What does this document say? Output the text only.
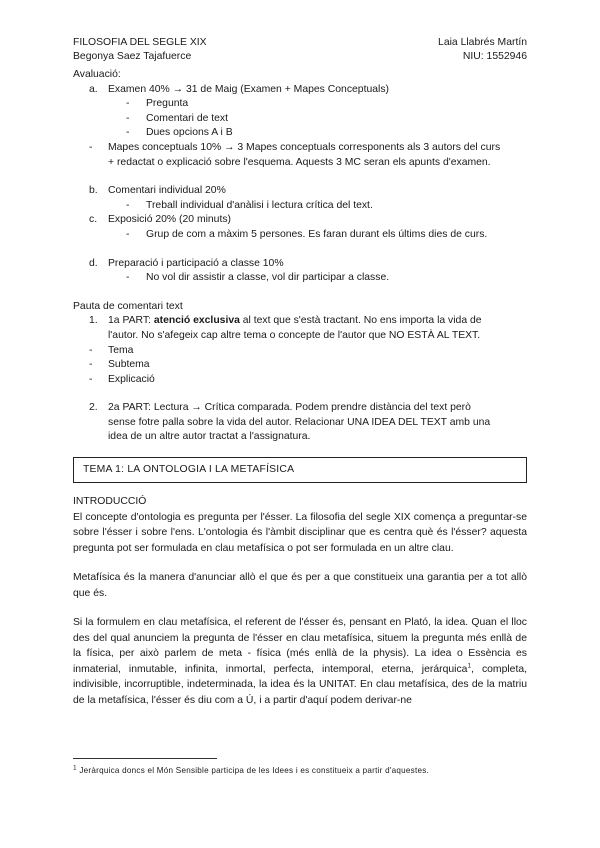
FILOSOFIA DEL SEGLE XIX	Laia Llabrés Martín
Begonya Saez Tajafuerce	NIU: 1552946
Avaluació:
a. Examen 40% → 31 de Maig (Examen + Mapes Conceptuals)
-	Pregunta
-	Comentari de text
-	Dues opcions A i B
-	Mapes conceptuals 10% → 3 Mapes conceptuals corresponents als 3 autors del curs
+ redactat o explicació sobre l'esquema. Aquests 3 MC seran els apunts d'examen.
b. Comentari individual 20%
-	Treball individual d'anàlisi i lectura crítica del text.
c.	Exposició 20% (20 minuts)
-	Grup de com a màxim 5 persones. Es faran durant els últims dies de curs.
d. Preparació i participació a classe 10%
-	No vol dir assistir a classe, vol dir participar a classe.
Pauta de comentari text
1. 1a PART: atenció exclusiva al text que s'està tractant. No ens importa la vida de
l'autor. No s'afegeix cap altre tema o concepte de l'autor que NO ESTÀ AL TEXT.
-	Tema
-	Subtema
-	Explicació
2. 2a PART: Lectura → Crítica comparada. Podem prendre distància del text però
sense fotre palla sobre la vida del autor. Relacionar UNA IDEA DEL TEXT amb una
idea de un altre autor tractat a l'assignatura.
TEMA 1: LA ONTOLOGIA I LA METAFÍSICA
INTRODUCCIÓ
El concepte d'ontologia es pregunta per l'ésser. La filosofia del segle XIX comença a preguntar-se sobre l'ésser i sobre l'ens. L'ontologia és l'àmbit disciplinar que es centra què és l'ésser? aquesta pregunta pot ser formulada en clau metafísica o pot ser formulada en un altre clau.
Metafísica és la manera d'anunciar allò el que és per a que constitueix una garantia per a tot allò que és.
Si la formulem en clau metafísica, el referent de l'ésser és, pensant en Plató, la idea. Quan el lloc des del qual anunciem la pregunta de l'ésser en clau metafísica, situem la pregunta més enllà de la física, per això parlem de meta - física (més enllà de la physis). La idea o Essència es inmaterial, inmutable, infinita, inmortal, perfecta, intemporal, eterna, jerárquica$^1$, completa, indivisible, incorruptible, indeterminada, la idea és la UNITAT. En clau metafísica, des de la matriu de la metafísica, l'ésser és diu com a Ú, i a partir d'aquí podem derivar-ne
$^1$ Jeràrquica doncs el Món Sensible participa de les Idees i es constitueix a partir d'aquestes.
